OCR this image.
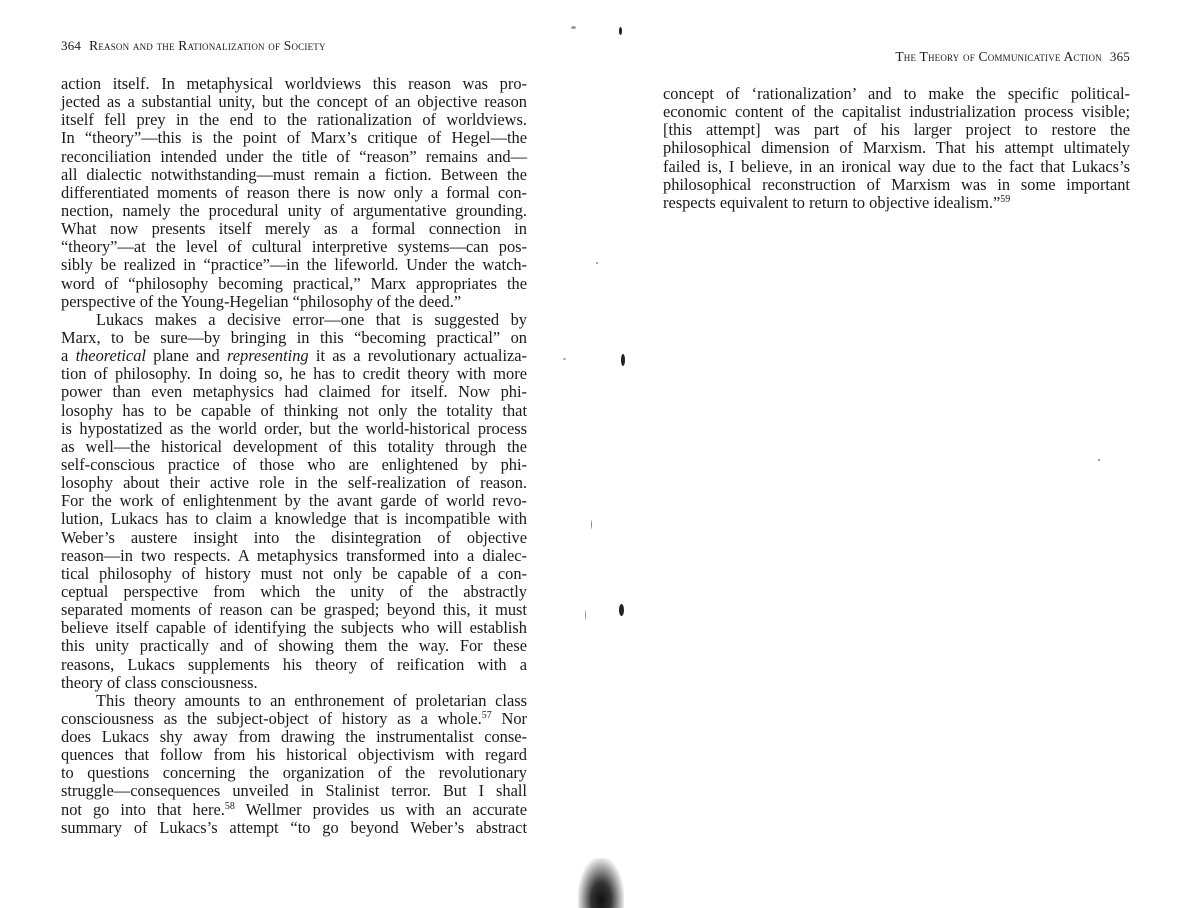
364 Reason and the Rationalization of Society
action itself. In metaphysical worldviews this reason was pro-
jected as a substantial unity, but the concept of an objective reason
itself fell prey in the end to the rationalization of worldviews.
In “theory”—this is the point of Marx’s critique of Hegel—the
reconciliation intended under the title of “reason” remains and—
all dialectic notwithstanding—must remain a fiction. Between the
differentiated moments of reason there is now only a formal con-
nection, namely the procedural unity of argumentative grounding.
What now presents itself merely as a formal connection in
“theory”—at the level of cultural interpretive systems—can pos-
sibly be realized in “practice”—in the lifeworld. Under the watch-
word of “philosophy becoming practical,” Marx appropriates the
perspective of the Young-Hegelian “philosophy of the deed.”
Lukacs makes a decisive error—one that is suggested by
Marx, to be sure—by bringing in this “becoming practical” on
a theoretical plane and representing it as a revolutionary actualiza-
tion of philosophy. In doing so, he has to credit theory with more
power than even metaphysics had claimed for itself. Now phi-
losophy has to be capable of thinking not only the totality that
is hypostatized as the world order, but the world-historical process
as well—the historical development of this totality through the
self-conscious practice of those who are enlightened by phi-
losophy about their active role in the self-realization of reason.
For the work of enlightenment by the avant garde of world revo-
lution, Lukacs has to claim a knowledge that is incompatible with
Weber’s austere insight into the disintegration of objective
reason—in two respects. A metaphysics transformed into a dialec-
tical philosophy of history must not only be capable of a con-
ceptual perspective from which the unity of the abstractly
separated moments of reason can be grasped; beyond this, it must
believe itself capable of identifying the subjects who will establish
this unity practically and of showing them the way. For these
reasons, Lukacs supplements his theory of reification with a
theory of class consciousness.
This theory amounts to an enthronement of proletarian class
consciousness as the subject-object of history as a whole.$^{57}$ Nor
does Lukacs shy away from drawing the instrumentalist conse-
quences that follow from his historical objectivism with regard
to questions concerning the organization of the revolutionary
struggle—consequences unveiled in Stalinist terror. But I shall
not go into that here.$^{58}$ Wellmer provides us with an accurate
summary of Lukacs’s attempt “to go beyond Weber’s abstract
The Theory of Communicative Action 365
concept of ‘rationalization’ and to make the specific political-
economic content of the capitalist industrialization process visible;
[this attempt] was part of his larger project to restore the
philosophical dimension of Marxism. That his attempt ultimately
failed is, I believe, in an ironical way due to the fact that Lukacs’s
philosophical reconstruction of Marxism was in some important
respects equivalent to return to objective idealism.”$^{59}$
